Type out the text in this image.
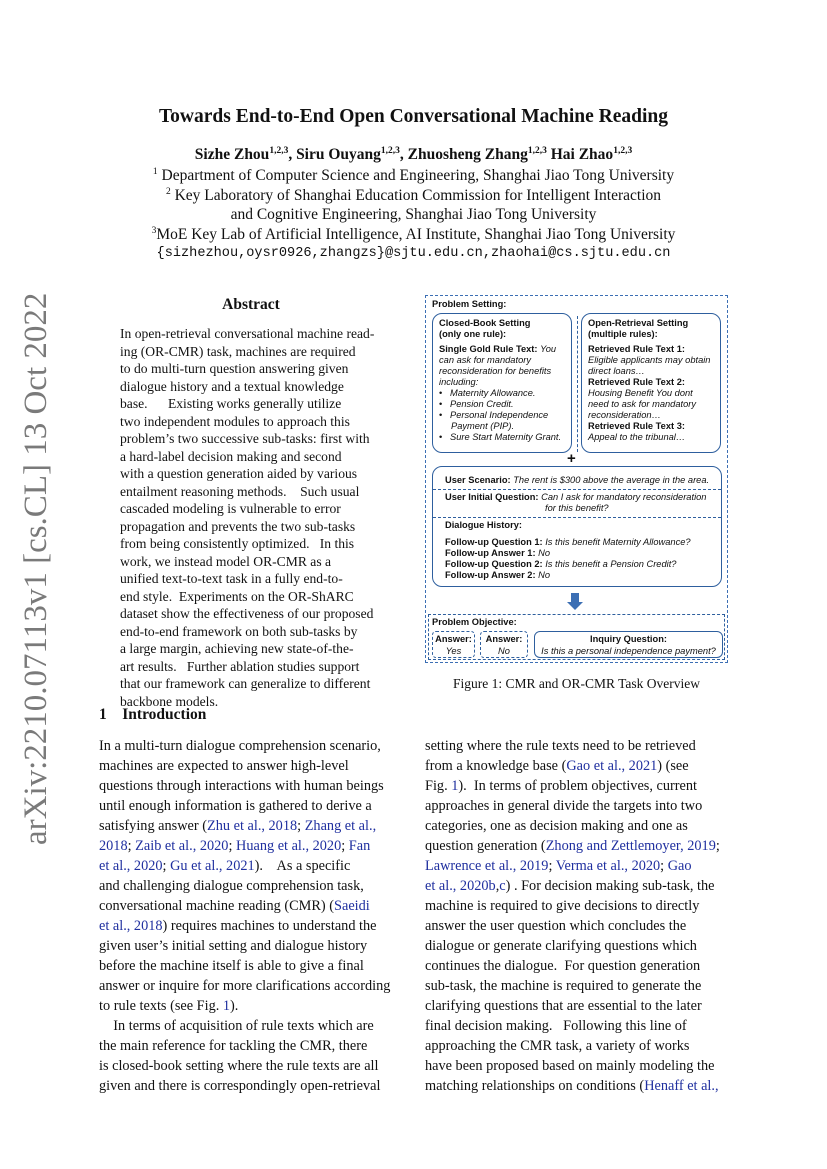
arXiv:2210.07113v1 [cs.CL] 13 Oct 2022
Towards End-to-End Open Conversational Machine Reading
Sizhe Zhou$^{1,2,3}$, Siru Ouyang$^{1,2,3}$, Zhuosheng Zhang$^{1,2,3}$ Hai Zhao$^{1,2,3}$
$^1$ Department of Computer Science and Engineering, Shanghai Jiao Tong University
$^2$ Key Laboratory of Shanghai Education Commission for Intelligent Interaction
and Cognitive Engineering, Shanghai Jiao Tong University
$^3$MoE Key Lab of Artificial Intelligence, AI Institute, Shanghai Jiao Tong University
{sizhezhou,oysr0926,zhangzs}@sjtu.edu.cn,zhaohai@cs.sjtu.edu.cn
Abstract
In open-retrieval conversational machine read-
ing (OR-CMR) task, machines are required
to do multi-turn question answering given
dialogue history and a textual knowledge
base.      Existing works generally utilize
two independent modules to approach this
problem’s two successive sub-tasks: first with
a hard-label decision making and second
with a question generation aided by various
entailment reasoning methods.    Such usual
cascaded modeling is vulnerable to error
propagation and prevents the two sub-tasks
from being consistently optimized.   In this
work, we instead model OR-CMR as a
unified text-to-text task in a fully end-to-
end style.  Experiments on the OR-ShARC
dataset show the effectiveness of our proposed
end-to-end framework on both sub-tasks by
a large margin, achieving new state-of-the-
art results.   Further ablation studies support
that our framework can generalize to different
backbone models.
Problem Setting:
Closed-Book Setting
(only one rule):
Single Gold Rule Text: You
can ask for mandatory
reconsideration for benefits
including:
•   Maternity Allowance.
•   Pension Credit.
•   Personal Independence
Payment (PIP).
•   Sure Start Maternity Grant.
Open-Retrieval Setting
(multiple rules):
Retrieved Rule Text 1:
Eligible applicants may obtain
direct loans…
Retrieved Rule Text 2:
Housing Benefit You dont
need to ask for mandatory
reconsideration…
Retrieved Rule Text 3:
Appeal to the tribunal…
+
User Scenario: The rent is $300 above the average in the area.
User Initial Question: Can I ask for mandatory reconsideration
for this benefit?
Dialogue History:
Follow-up Question 1: Is this benefit Maternity Allowance?
Follow-up Answer 1: No
Follow-up Question 2: Is this benefit a Pension Credit?
Follow-up Answer 2: No
Problem Objective:
Answer:
Yes
Answer:
No
Inquiry Question:
Is this a personal independence payment?
Figure 1: CMR and OR-CMR Task Overview
1 Introduction
In a multi-turn dialogue comprehension scenario,
machines are expected to answer high-level
questions through interactions with human beings
until enough information is gathered to derive a
satisfying answer (Zhu et al., 2018; Zhang et al.,
2018; Zaib et al., 2020; Huang et al., 2020; Fan
et al., 2020; Gu et al., 2021).    As a specific
and challenging dialogue comprehension task,
conversational machine reading (CMR) (Saeidi
et al., 2018) requires machines to understand the
given user’s initial setting and dialogue history
before the machine itself is able to give a final
answer or inquire for more clarifications according
to rule texts (see Fig. 1).
In terms of acquisition of rule texts which are
the main reference for tackling the CMR, there
is closed-book setting where the rule texts are all
given and there is correspondingly open-retrieval
setting where the rule texts need to be retrieved
from a knowledge base (Gao et al., 2021) (see
Fig. 1).  In terms of problem objectives, current
approaches in general divide the targets into two
categories, one as decision making and one as
question generation (Zhong and Zettlemoyer, 2019;
Lawrence et al., 2019; Verma et al., 2020; Gao
et al., 2020b,c) . For decision making sub-task, the
machine is required to give decisions to directly
answer the user question which concludes the
dialogue or generate clarifying questions which
continues the dialogue.  For question generation
sub-task, the machine is required to generate the
clarifying questions that are essential to the later
final decision making.   Following this line of
approaching the CMR task, a variety of works
have been proposed based on mainly modeling the
matching relationships on conditions (Henaff et al.,
